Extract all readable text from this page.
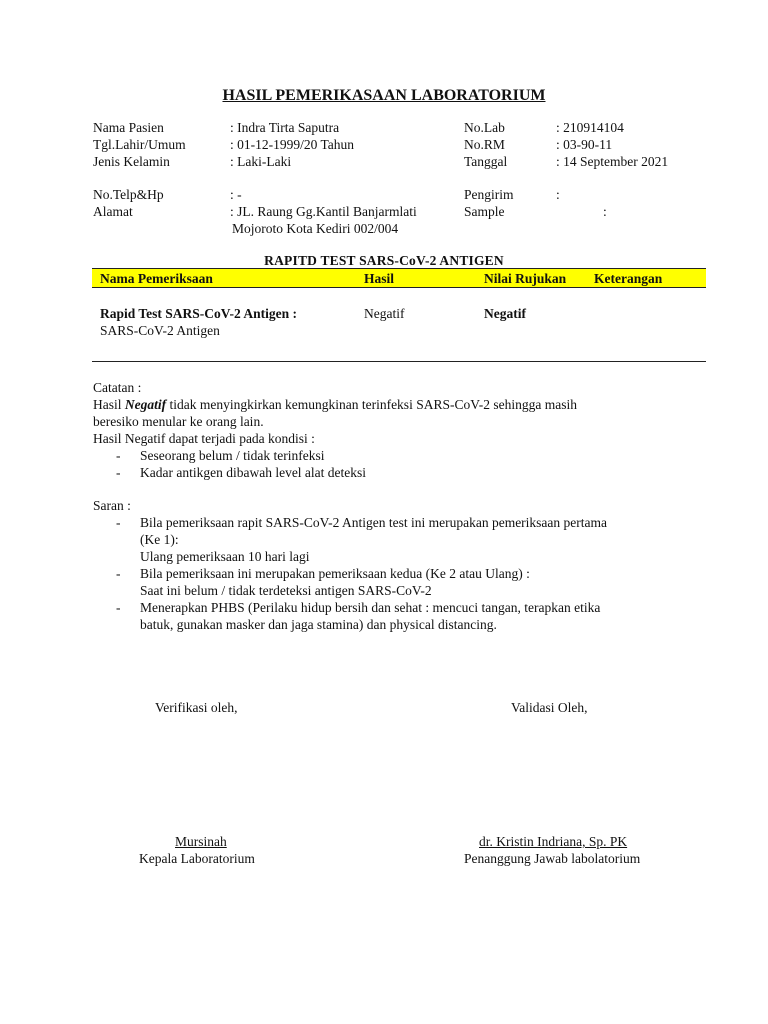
HASIL PEMERIKASAAN LABORATORIUM
Nama Pasien	: Indra Tirta Saputra
Tgl.Lahir/Umum	: 01-12-1999/20 Tahun
Jenis Kelamin	: Laki-Laki
No.Telp&Hp	: -
Alamat	: JL. Raung Gg.Kantil Banjarmlati
Mojoroto Kota Kediri 002/004
No.Lab	: 210914104
No.RM	: 03-90-11
Tanggal	: 14 September 2021
Pengirim	:
Sample	:
RAPITD TEST SARS-CoV-2 ANTIGEN
Nama Pemeriksaan	Hasil	Nilai Rujukan Keterangan
Rapid Test SARS-CoV-2 Antigen :
SARS-CoV-2 Antigen
Negatif	Negatif
Catatan :
Hasil Negatif tidak menyingkirkan kemungkinan terinfeksi SARS-CoV-2 sehingga masih
beresiko menular ke orang lain.
Hasil Negatif dapat terjadi pada kondisi :
- Seseorang belum / tidak terinfeksi
- Kadar antikgen dibawah level alat deteksi
Saran :
- Bila pemeriksaan rapit SARS-CoV-2 Antigen test ini merupakan pemeriksaan pertama
(Ke 1):
Ulang pemeriksaan 10 hari lagi
- Bila pemeriksaan ini merupakan pemeriksaan kedua (Ke 2 atau Ulang) :
Saat ini belum / tidak terdeteksi antigen SARS-CoV-2
- Menerapkan PHBS (Perilaku hidup bersih dan sehat : mencuci tangan, terapkan etika
batuk, gunakan masker dan jaga stamina) dan physical distancing.
Verifikasi oleh,	Validasi Oleh,
Mursinah
Kepala Laboratorium
dr. Kristin Indriana, Sp. PK
Penanggung Jawab labolatorium
